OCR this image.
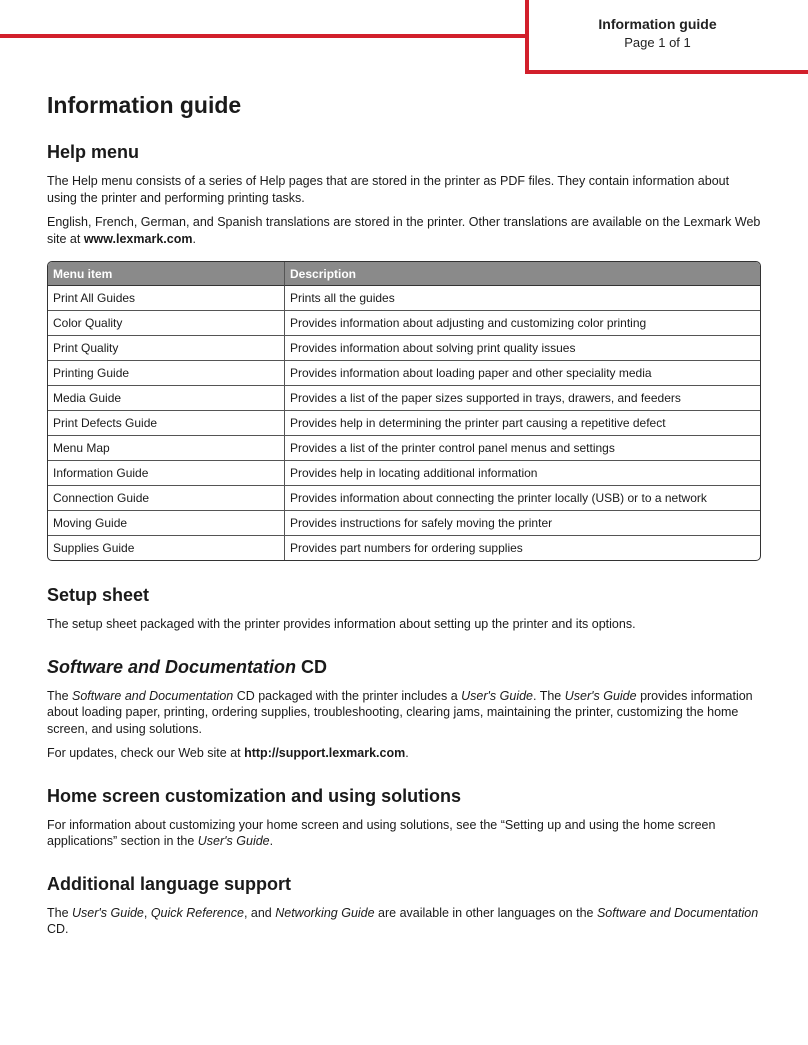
Information guide
Page 1 of 1
Information guide
Help menu

The Help menu consists of a series of Help pages that are stored in the printer as PDF files. They contain information about using the printer and performing printing tasks.

English, French, German, and Spanish translations are stored in the printer. Other translations are available on the Lexmark Web site at www.lexmark.com.

Menu item	Description
Print All Guides	Prints all the guides
Color Quality	Provides information about adjusting and customizing color printing
Print Quality	Provides information about solving print quality issues
Printing Guide	Provides information about loading paper and other speciality media
Media Guide	Provides a list of the paper sizes supported in trays, drawers, and feeders
Print Defects Guide	Provides help in determining the printer part causing a repetitive defect
Menu Map	Provides a list of the printer control panel menus and settings
Information Guide	Provides help in locating additional information
Connection Guide	Provides information about connecting the printer locally (USB) or to a network
Moving Guide	Provides instructions for safely moving the printer
Supplies Guide	Provides part numbers for ordering supplies
Setup sheet

The setup sheet packaged with the printer provides information about setting up the printer and its options.

Software and Documentation CD

The Software and Documentation CD packaged with the printer includes a User's Guide. The User's Guide provides information about loading paper, printing, ordering supplies, troubleshooting, clearing jams, maintaining the printer, customizing the home screen, and using solutions.

For updates, check our Web site at http://support.lexmark.com.

Home screen customization and using solutions

For information about customizing your home screen and using solutions, see the “Setting up and using the home screen applications” section in the User's Guide.

Additional language support

The User's Guide, Quick Reference, and Networking Guide are available in other languages on the Software and Documentation CD.
